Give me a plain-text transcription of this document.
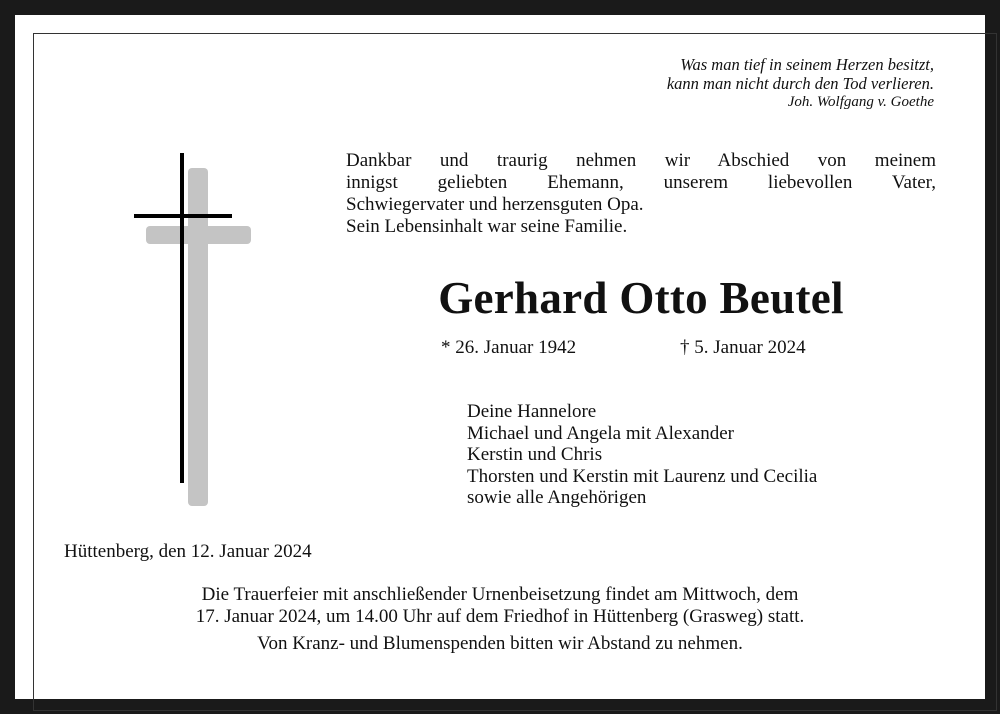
Was man tief in seinem Herzen besitzt,
kann man nicht durch den Tod verlieren.
Joh. Wolfgang v. Goethe
Dankbar und traurig nehmen wir Abschied von meinem
innigst geliebten Ehemann, unserem liebevollen Vater,
Schwiegervater und herzensguten Opa.
Sein Lebensinhalt war seine Familie.
Gerhard Otto Beutel
* 26. Januar 1942	† 5. Januar 2024
Deine Hannelore
Michael und Angela mit Alexander
Kerstin und Chris
Thorsten und Kerstin mit Laurenz und Cecilia
sowie alle Angehörigen
Hüttenberg, den 12. Januar 2024
Die Trauerfeier mit anschließender Urnenbeisetzung findet am Mittwoch, dem
17. Januar 2024, um 14.00 Uhr auf dem Friedhof in Hüttenberg (Grasweg) statt.
Von Kranz- und Blumenspenden bitten wir Abstand zu nehmen.
